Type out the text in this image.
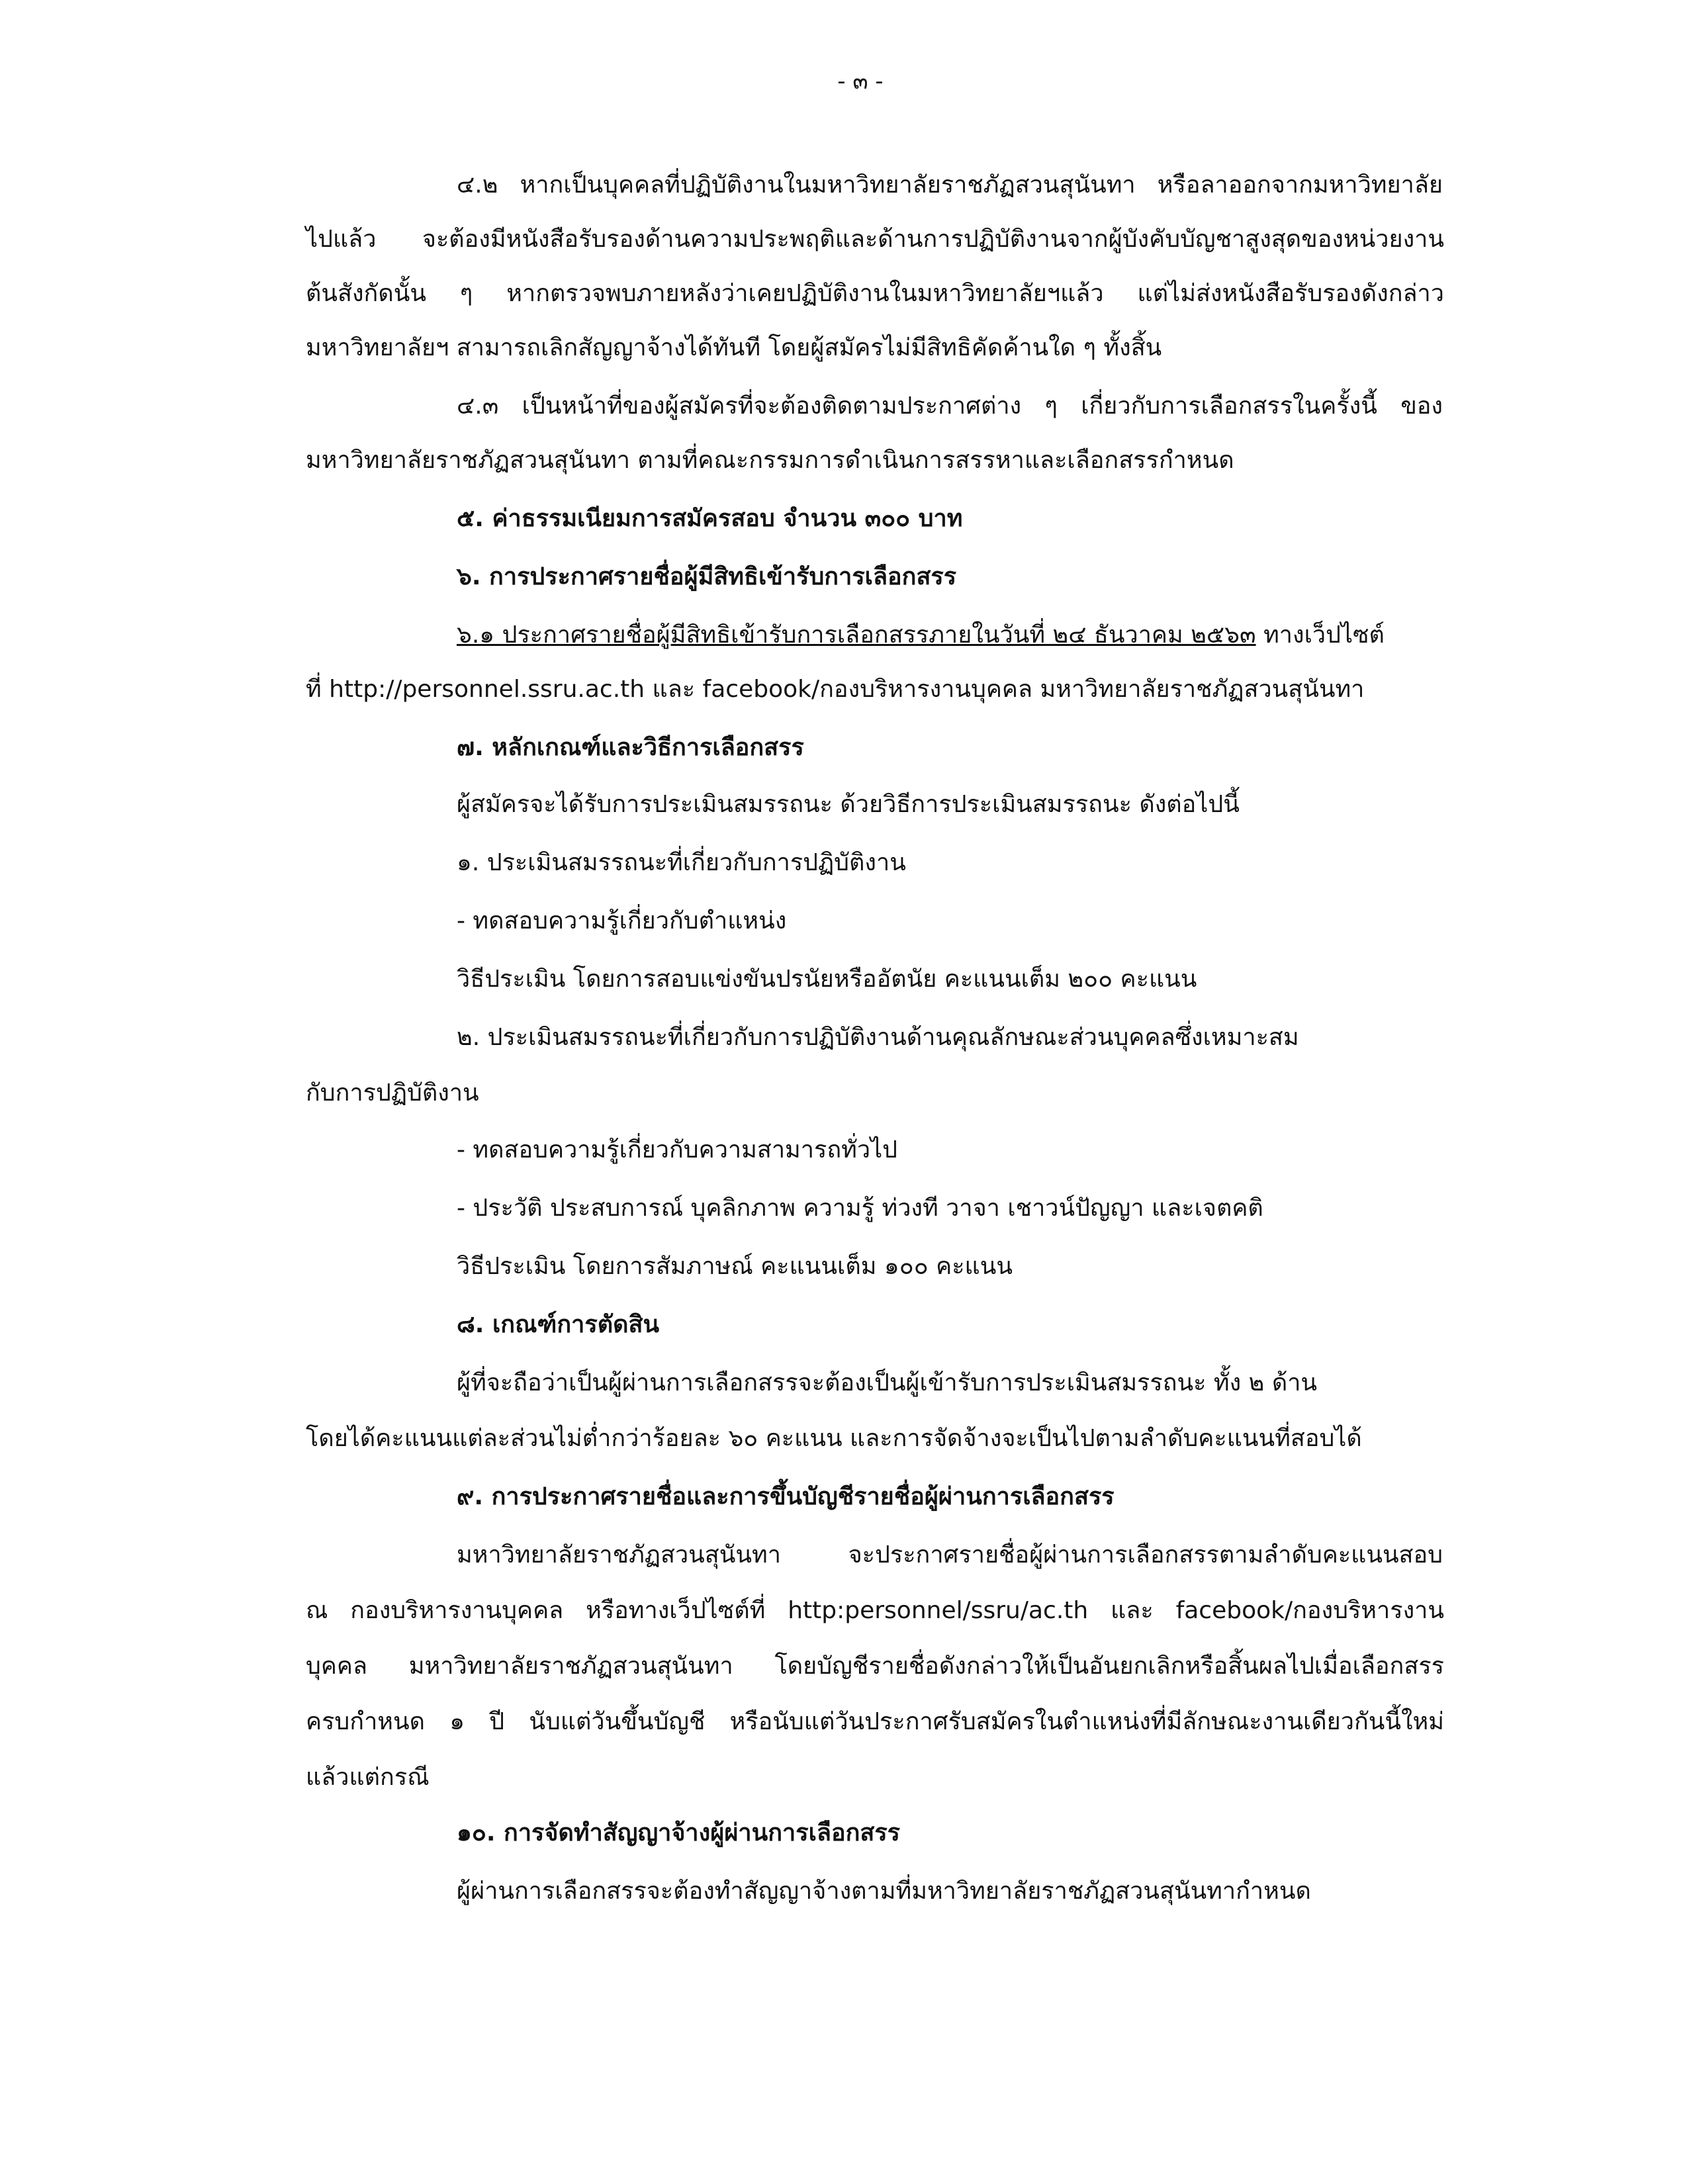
- ๓ -
๔.๒ หากเป็นบุคคลที่ปฏิบัติงานในมหาวิทยาลัยราชภัฏสวนสุนันทา หรือลาออกจากมหาวิทยาลัย
ไปแล้ว จะต้องมีหนังสือรับรองด้านความประพฤติและด้านการปฏิบัติงานจากผู้บังคับบัญชาสูงสุดของหน่วยงาน
ต้นสังกัดนั้น ๆ หากตรวจพบภายหลังว่าเคยปฏิบัติงานในมหาวิทยาลัยฯแล้ว แต่ไม่ส่งหนังสือรับรองดังกล่าว
มหาวิทยาลัยฯ สามารถเลิกสัญญาจ้างได้ทันที โดยผู้สมัครไม่มีสิทธิคัดค้านใด ๆ ทั้งสิ้น
๔.๓ เป็นหน้าที่ของผู้สมัครที่จะต้องติดตามประกาศต่าง ๆ เกี่ยวกับการเลือกสรรในครั้งนี้ ของ
มหาวิทยาลัยราชภัฏสวนสุนันทา ตามที่คณะกรรมการดำเนินการสรรหาและเลือกสรรกำหนด
๕. ค่าธรรมเนียมการสมัครสอบ จำนวน ๓๐๐ บาท
๖. การประกาศรายชื่อผู้มีสิทธิเข้ารับการเลือกสรร
๖.๑ ประกาศรายชื่อผู้มีสิทธิเข้ารับการเลือกสรรภายในวันที่ ๒๔ ธันวาคม ๒๕๖๓ ทางเว็ปไซต์
ที่ http://personnel.ssru.ac.th และ facebook/กองบริหารงานบุคคล มหาวิทยาลัยราชภัฏสวนสุนันทา
๗. หลักเกณฑ์และวิธีการเลือกสรร
ผู้สมัครจะได้รับการประเมินสมรรถนะ ด้วยวิธีการประเมินสมรรถนะ ดังต่อไปนี้
๑. ประเมินสมรรถนะที่เกี่ยวกับการปฏิบัติงาน
- ทดสอบความรู้เกี่ยวกับตำแหน่ง
วิธีประเมิน โดยการสอบแข่งขันปรนัยหรืออัตนัย คะแนนเต็ม ๒๐๐ คะแนน
๒. ประเมินสมรรถนะที่เกี่ยวกับการปฏิบัติงานด้านคุณลักษณะส่วนบุคคลซึ่งเหมาะสม
กับการปฏิบัติงาน
- ทดสอบความรู้เกี่ยวกับความสามารถทั่วไป
- ประวัติ ประสบการณ์ บุคลิกภาพ ความรู้ ท่วงที วาจา เชาวน์ปัญญา และเจตคติ
วิธีประเมิน โดยการสัมภาษณ์ คะแนนเต็ม ๑๐๐ คะแนน
๘. เกณฑ์การตัดสิน
ผู้ที่จะถือว่าเป็นผู้ผ่านการเลือกสรรจะต้องเป็นผู้เข้ารับการประเมินสมรรถนะ ทั้ง ๒ ด้าน
โดยได้คะแนนแต่ละส่วนไม่ต่ำกว่าร้อยละ ๖๐ คะแนน และการจัดจ้างจะเป็นไปตามลำดับคะแนนที่สอบได้
๙. การประกาศรายชื่อและการขึ้นบัญชีรายชื่อผู้ผ่านการเลือกสรร
มหาวิทยาลัยราชภัฏสวนสุนันทา จะประกาศรายชื่อผู้ผ่านการเลือกสรรตามลำดับคะแนนสอบ
ณ กองบริหารงานบุคคล หรือทางเว็ปไซต์ที่ http:personnel/ssru/ac.th และ facebook/กองบริหารงาน
บุคคล มหาวิทยาลัยราชภัฏสวนสุนันทา โดยบัญชีรายชื่อดังกล่าวให้เป็นอันยกเลิกหรือสิ้นผลไปเมื่อเลือกสรร
ครบกำหนด ๑ ปี นับแต่วันขึ้นบัญชี หรือนับแต่วันประกาศรับสมัครในตำแหน่งที่มีลักษณะงานเดียวกันนี้ใหม่
แล้วแต่กรณี
๑๐. การจัดทำสัญญาจ้างผู้ผ่านการเลือกสรร
ผู้ผ่านการเลือกสรรจะต้องทำสัญญาจ้างตามที่มหาวิทยาลัยราชภัฏสวนสุนันทากำหนด
